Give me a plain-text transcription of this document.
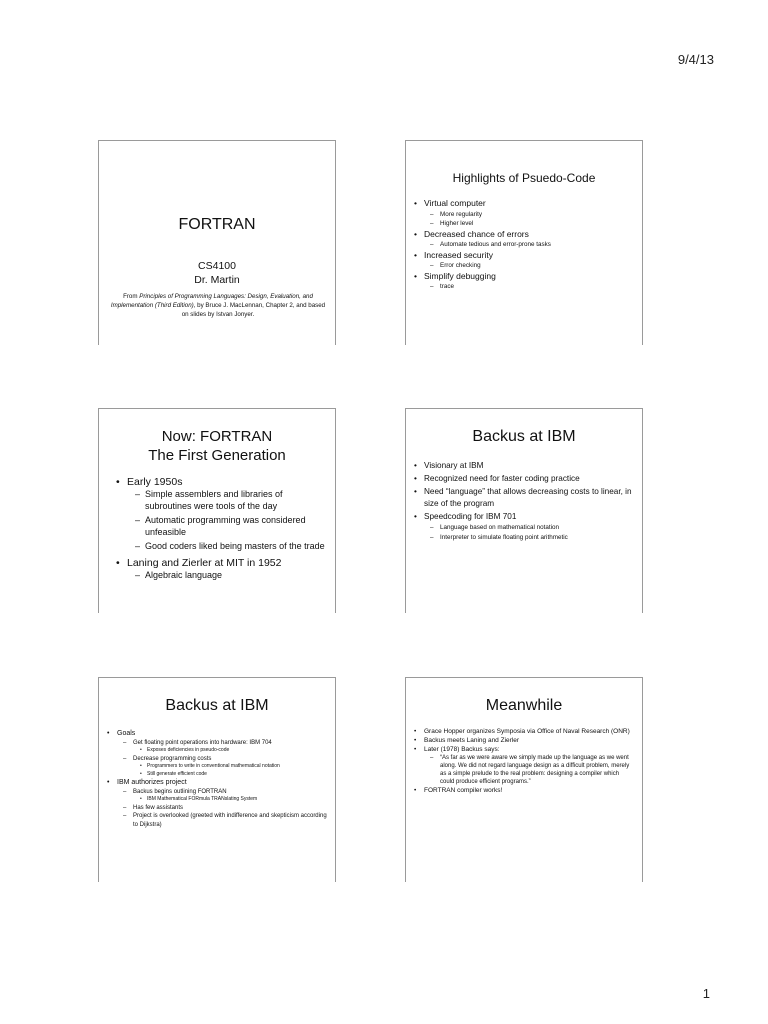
9/4/13
FORTRAN
CS4100
Dr. Martin
From Principles of Programming Languages: Design, Evaluation, and Implementation (Third Edition), by Bruce J. MacLennan, Chapter 2, and based on slides by Istvan Jonyer.
Highlights of Psuedo-Code
• Virtual computer
– More regularity
– Higher level
• Decreased chance of errors
– Automate tedious and error-prone tasks
• Increased security
– Error checking
• Simplify debugging
– trace
Now: FORTRAN
The First Generation
• Early 1950s
– Simple assemblers and libraries of subroutines were tools of the day
– Automatic programming was considered unfeasible
– Good coders liked being masters of the trade
• Laning and Zierler at MIT in 1952
– Algebraic language
Backus at IBM
• Visionary at IBM
• Recognized need for faster coding practice
• Need “language” that allows decreasing costs to linear, in size of the program
• Speedcoding for IBM 701
– Language based on mathematical notation
– Interpreter to simulate floating point arithmetic
Backus at IBM
• Goals
– Get floating point operations into hardware: IBM 704
• Exposes deficiencies in pseudo-code
– Decrease programming costs
• Programmers to write in conventional mathematical notation
• Still generate efficient code
• IBM authorizes project
– Backus begins outlining FORTRAN
• IBM Mathematical FORmula TRANslating System
– Has few assistants
– Project is overlooked (greeted with indifference and skepticism according to Dijkstra)
Meanwhile
• Grace Hopper organizes Symposia via Office of Naval Research (ONR)
• Backus meets Laning and Zierler
• Later (1978) Backus says:
– “As far as we were aware we simply made up the language as we went along. We did not regard language design as a difficult problem, merely as a simple prelude to the real problem: designing a compiler which could produce efficient programs.”
• FORTRAN compiler works!
1
